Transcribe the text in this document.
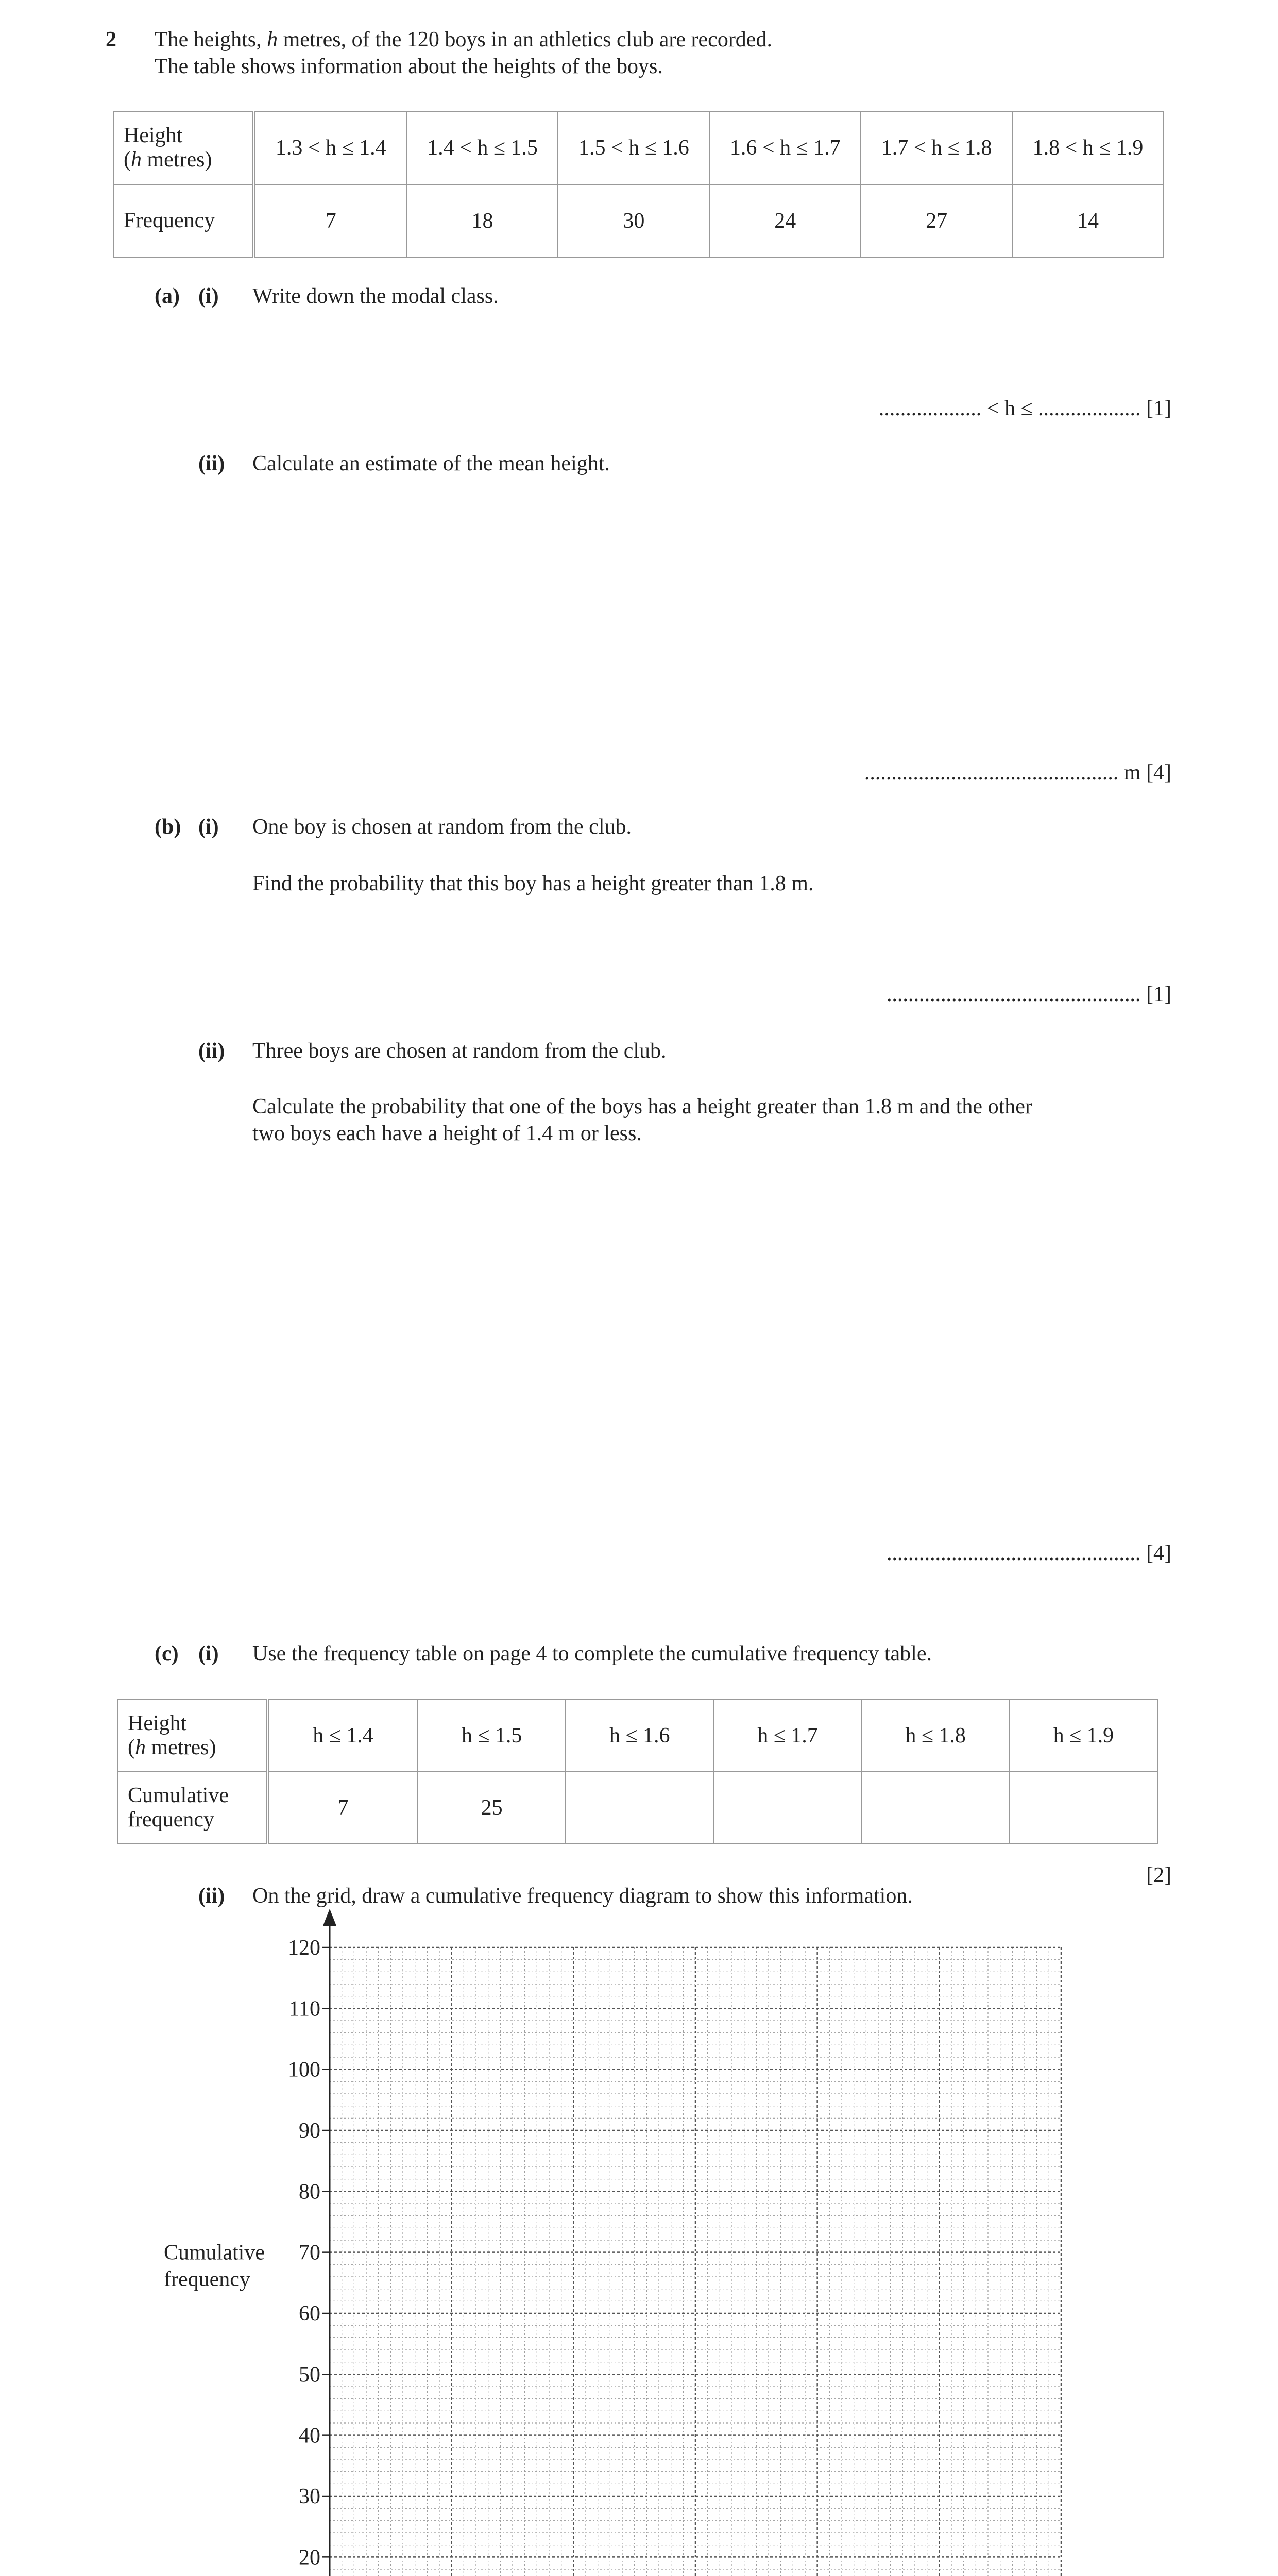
2 The heights, h metres, of the 120 boys in an athletics club are recorded.
The table shows information about the heights of the boys.
Height
(h metres)	1.3 < h ≤ 1.4	1.4 < h ≤ 1.5	1.5 < h ≤ 1.6	1.6 < h ≤ 1.7	1.7 < h ≤ 1.8	1.8 < h ≤ 1.9
Frequency	7	18	30	24	27	14
(a) (i) Write down the modal class.
................... < h ≤ ................... [1]
(ii) Calculate an estimate of the mean height.
............................................... m [4]
(b) (i) One boy is chosen at random from the club.
Find the probability that this boy has a height greater than 1.8 m.
............................................... [1]
(ii) Three boys are chosen at random from the club.
Calculate the probability that one of the boys has a height greater than 1.8 m and the other
two boys each have a height of 1.4 m or less.
............................................... [4]
(c) (i) Use the frequency table on page 4 to complete the cumulative frequency table.
Height
(h metres)	h ≤ 1.4	h ≤ 1.5	h ≤ 1.6	h ≤ 1.7	h ≤ 1.8	h ≤ 1.9
Cumulative
frequency	7	25				
[2]
(ii) On the grid, draw a cumulative frequency diagram to show this information.
20
30
40
50
60
70
80
90
100
110
120
Cumulative
frequency
